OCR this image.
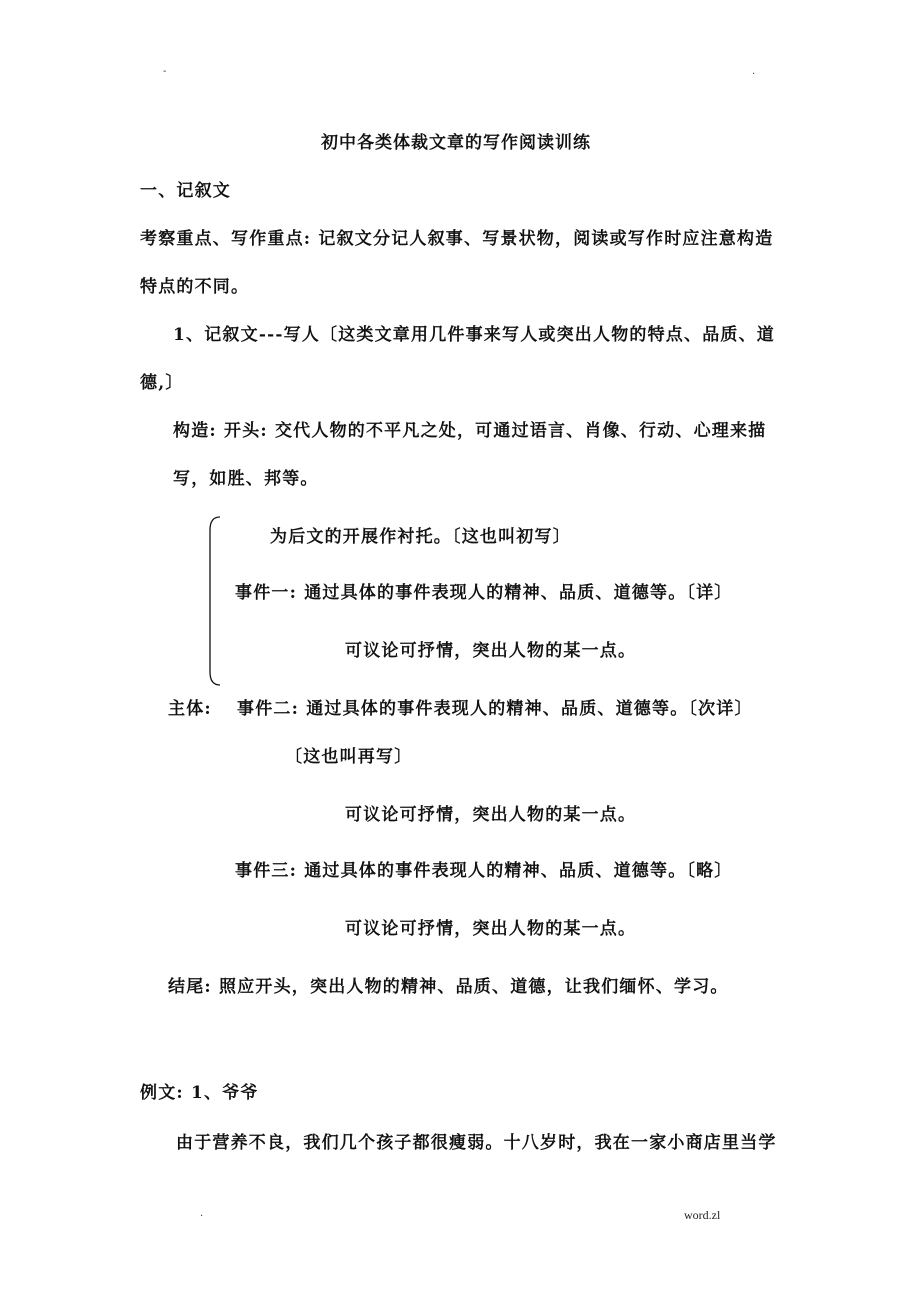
-	.
初中各类体裁文章的写作阅读训练
一、记叙文
考察重点、写作重点: 记叙文分记人叙事、写景状物，阅读或写作时应注意构造
特点的不同。
1、记叙文---写人〔这类文章用几件事来写人或突出人物的特点、品质、道
德,〕
构造: 开头: 交代人物的不平凡之处，可通过语言、肖像、行动、心理来描
写，如胜、邦等。
为后文的开展作衬托。〔这也叫初写〕
事件一: 通过具体的事件表现人的精神、品质、道德等。〔详〕
可议论可抒情，突出人物的某一点。
主体: 事件二: 通过具体的事件表现人的精神、品质、道德等。〔次详〕
〔这也叫再写〕
可议论可抒情，突出人物的某一点。
事件三: 通过具体的事件表现人的精神、品质、道德等。〔略〕
可议论可抒情，突出人物的某一点。
结尾: 照应开头，突出人物的精神、品质、道德，让我们缅怀、学习。
例文: 1、爷爷
由于营养不良，我们几个孩子都很瘦弱。十八岁时，我在一家小商店里当学
.	word.zl
